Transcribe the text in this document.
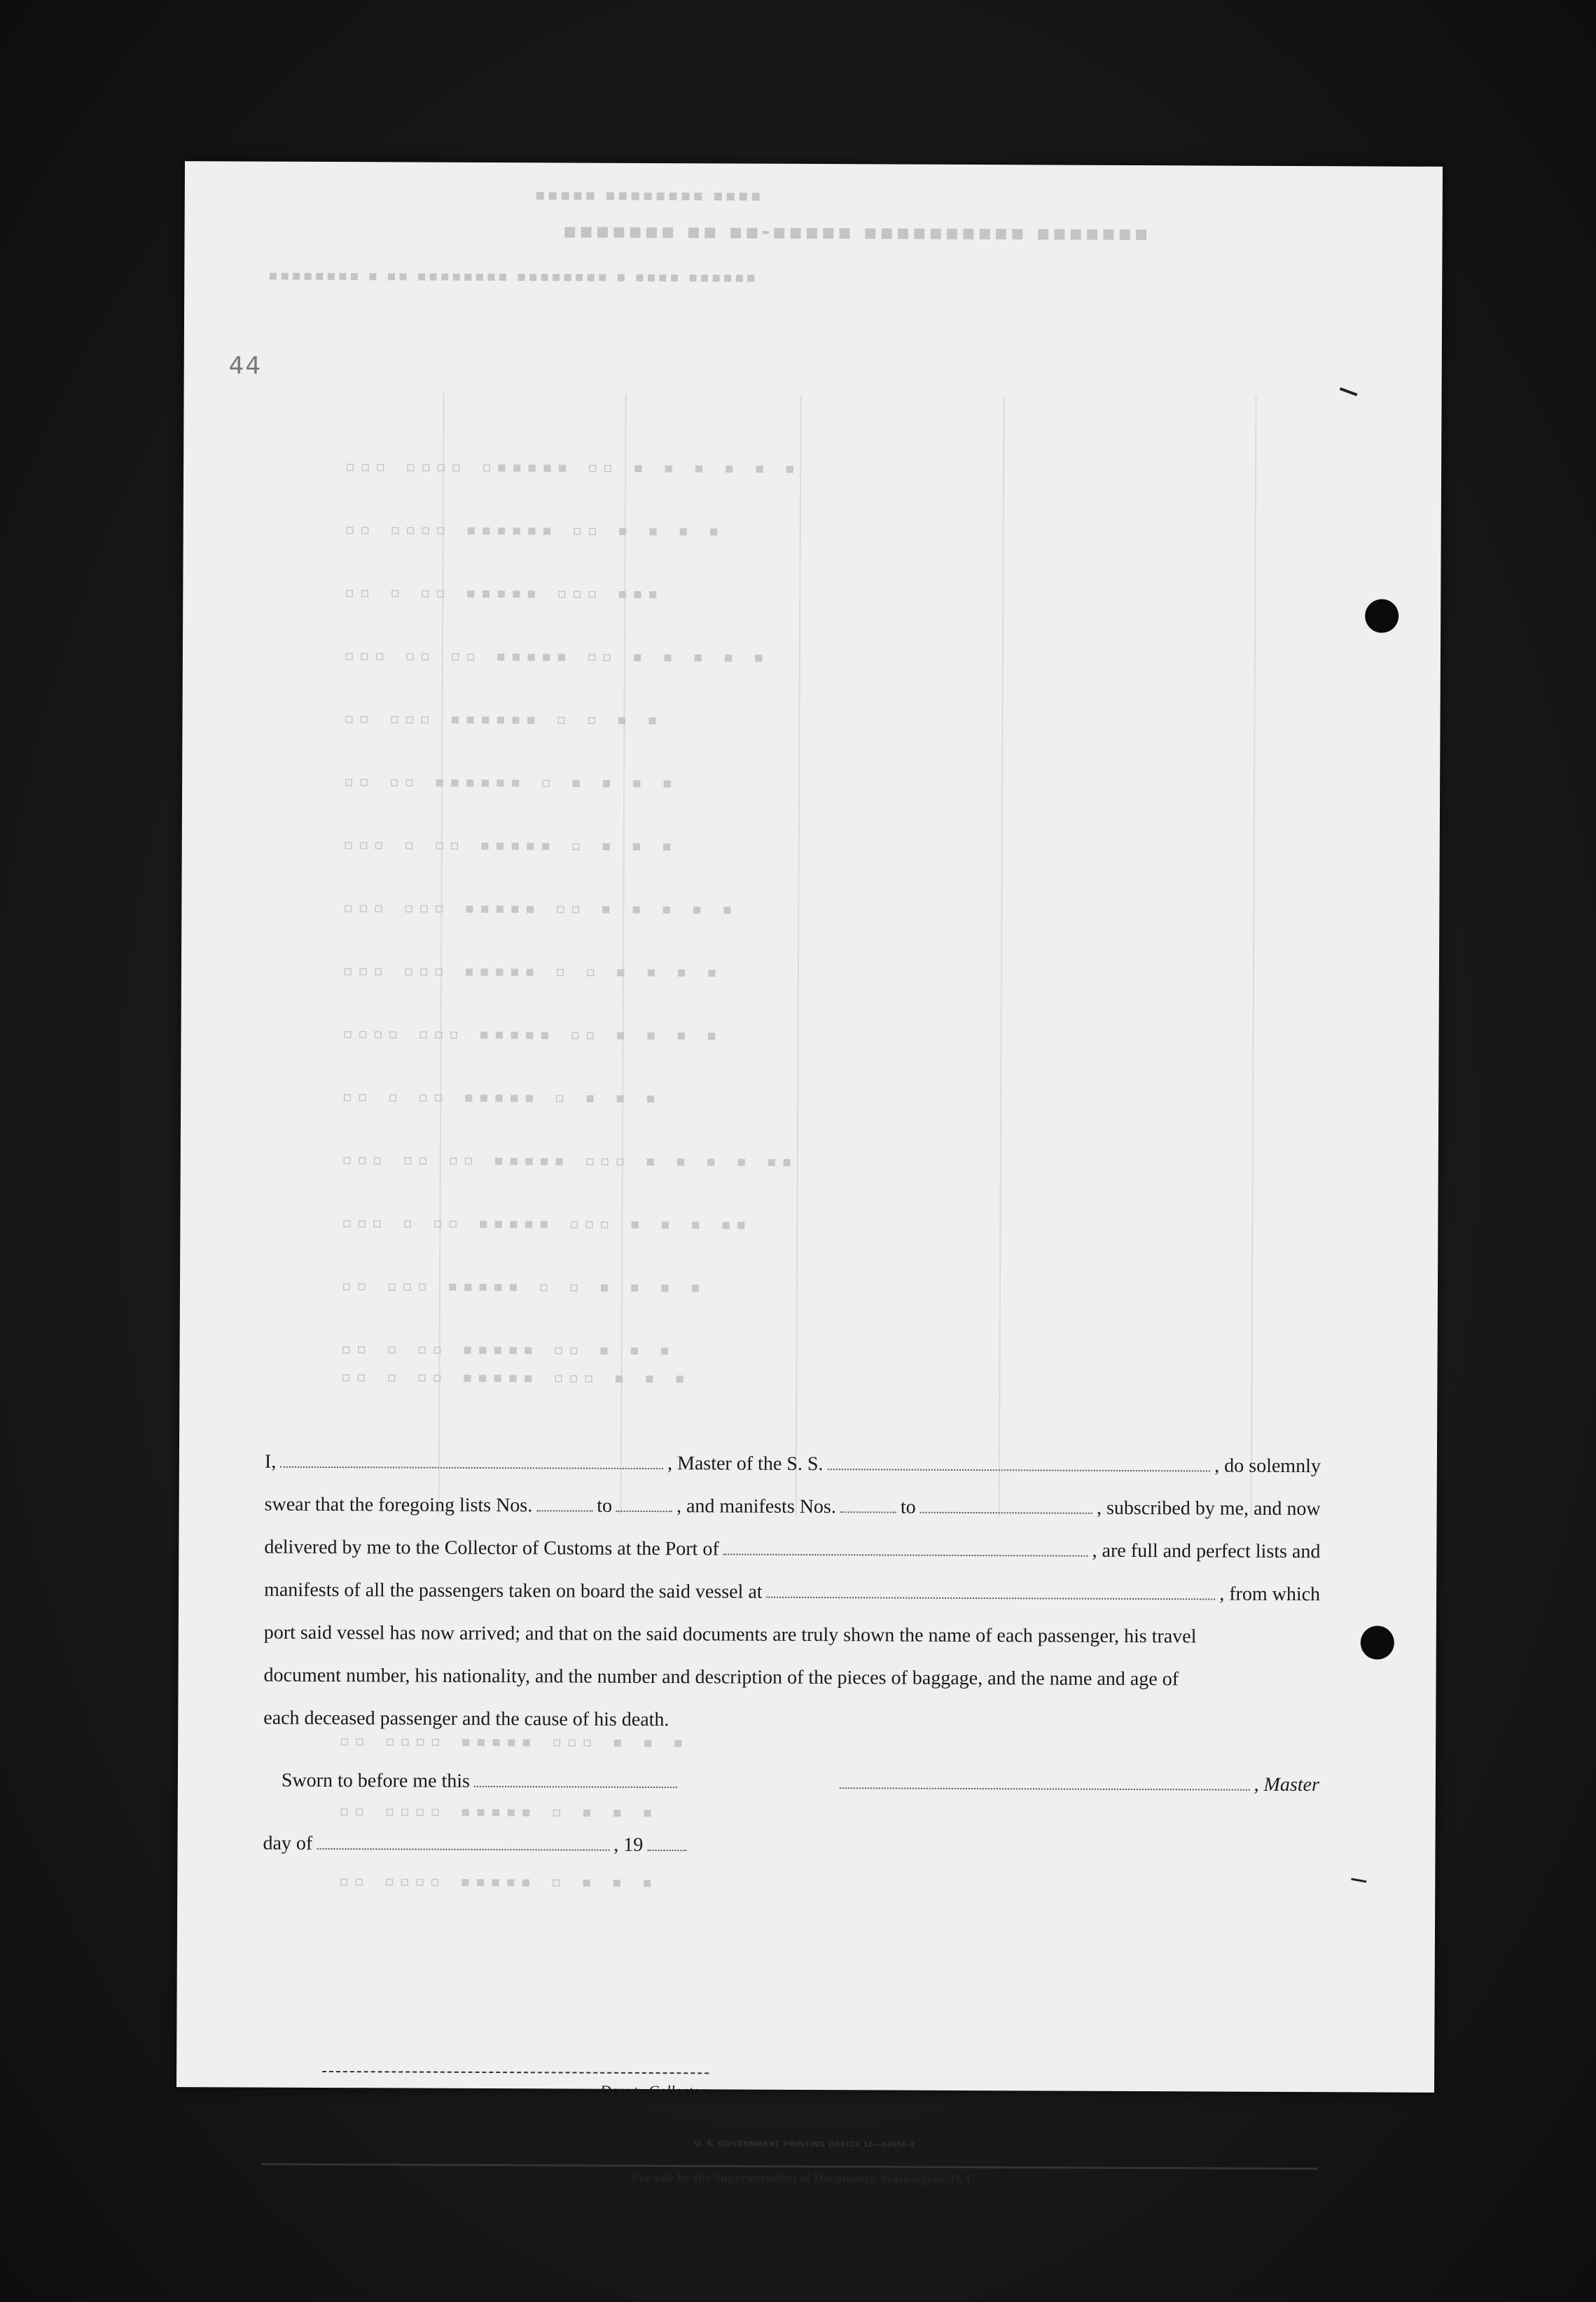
▪▪▪▪▪ ▪▪▪▪▪▪▪▪ ▪▪▪▪
▪▪▪▪▪▪▪ ▪▪ ▪▪-▪▪▪▪▪ ▪▪▪▪▪▪▪▪▪▪ ▪▪▪▪▪▪▪
▪▪▪▪▪▪▪▪ ▪ ▪▪ ▪▪▪▪▪▪▪▪ ▪▪▪▪▪▪▪▪ ▪ ▪▪▪▪ ▪▪▪▪▪▪
▫▫▫ ▫▫▫▫ ▫▪▪▪▪▪ ▫▫ ▪ ▪ ▪ ▪ ▪ ▪
▫▫ ▫▫▫▫ ▪▪▪▪▪▪ ▫▫ ▪ ▪ ▪ ▪
▫▫ ▫ ▫▫ ▪▪▪▪▪ ▫▫▫ ▪▪▪
▫▫▫ ▫▫ ▫▫ ▪▪▪▪▪ ▫▫ ▪ ▪ ▪ ▪ ▪
▫▫ ▫▫▫ ▪▪▪▪▪▪ ▫ ▫ ▪ ▪
▫▫ ▫▫ ▪▪▪▪▪▪ ▫ ▪ ▪ ▪ ▪
▫▫▫ ▫ ▫▫ ▪▪▪▪▪ ▫ ▪ ▪ ▪
▫▫▫ ▫▫▫ ▪▪▪▪▪ ▫▫ ▪ ▪ ▪ ▪ ▪
▫▫▫ ▫▫▫ ▪▪▪▪▪ ▫ ▫ ▪ ▪ ▪ ▪
▫▫▫▫ ▫▫▫ ▪▪▪▪▪ ▫▫ ▪ ▪ ▪ ▪
▫▫ ▫ ▫▫ ▪▪▪▪▪ ▫ ▪ ▪ ▪
▫▫▫ ▫▫ ▫▫ ▪▪▪▪▪ ▫▫▫ ▪ ▪ ▪ ▪ ▪▪
▫▫▫ ▫ ▫▫ ▪▪▪▪▪ ▫▫▫ ▪ ▪ ▪ ▪▪
▫▫ ▫▫▫ ▪▪▪▪▪ ▫ ▫ ▪ ▪ ▪ ▪
▫▫ ▫ ▫▫ ▪▪▪▪▪ ▫▫ ▪ ▪ ▪
▫▫ ▫ ▫▫ ▪▪▪▪▪ ▫▫▫ ▪ ▪ ▪
▫▫ ▫▫▫▫ ▪▪▪▪▪ ▫▫▫ ▪ ▪ ▪
▫▫ ▫▫▫▫ ▪▪▪▪▪ ▫ ▪ ▪ ▪
▫▫ ▫▫▫▫ ▪▪▪▪▪ ▫ ▪ ▪ ▪
44
I,	, Master of the S. S.	, do solemnly
swear that the foregoing lists Nos.	to	, and manifests Nos.	to	, subscribed by me, and now
delivered by me to the Collector of Customs at the Port of	, are full and perfect lists and
manifests of all the passengers taken on board the said vessel at	, from which
port said vessel has now arrived; and that on the said documents are truly shown the name of each passenger, his travel
document number, his nationality, and the number and description of the pieces of baggage, and the name and age of
each deceased passenger and the cause of his death.
Sworn to before me this	, Master
day of	, 19
Deputy Collector.
U. S. GOVERNMENT PRINTING OFFICE 16—54650-3
For sale by the Superintendent of Documents, Washington, D. C.
